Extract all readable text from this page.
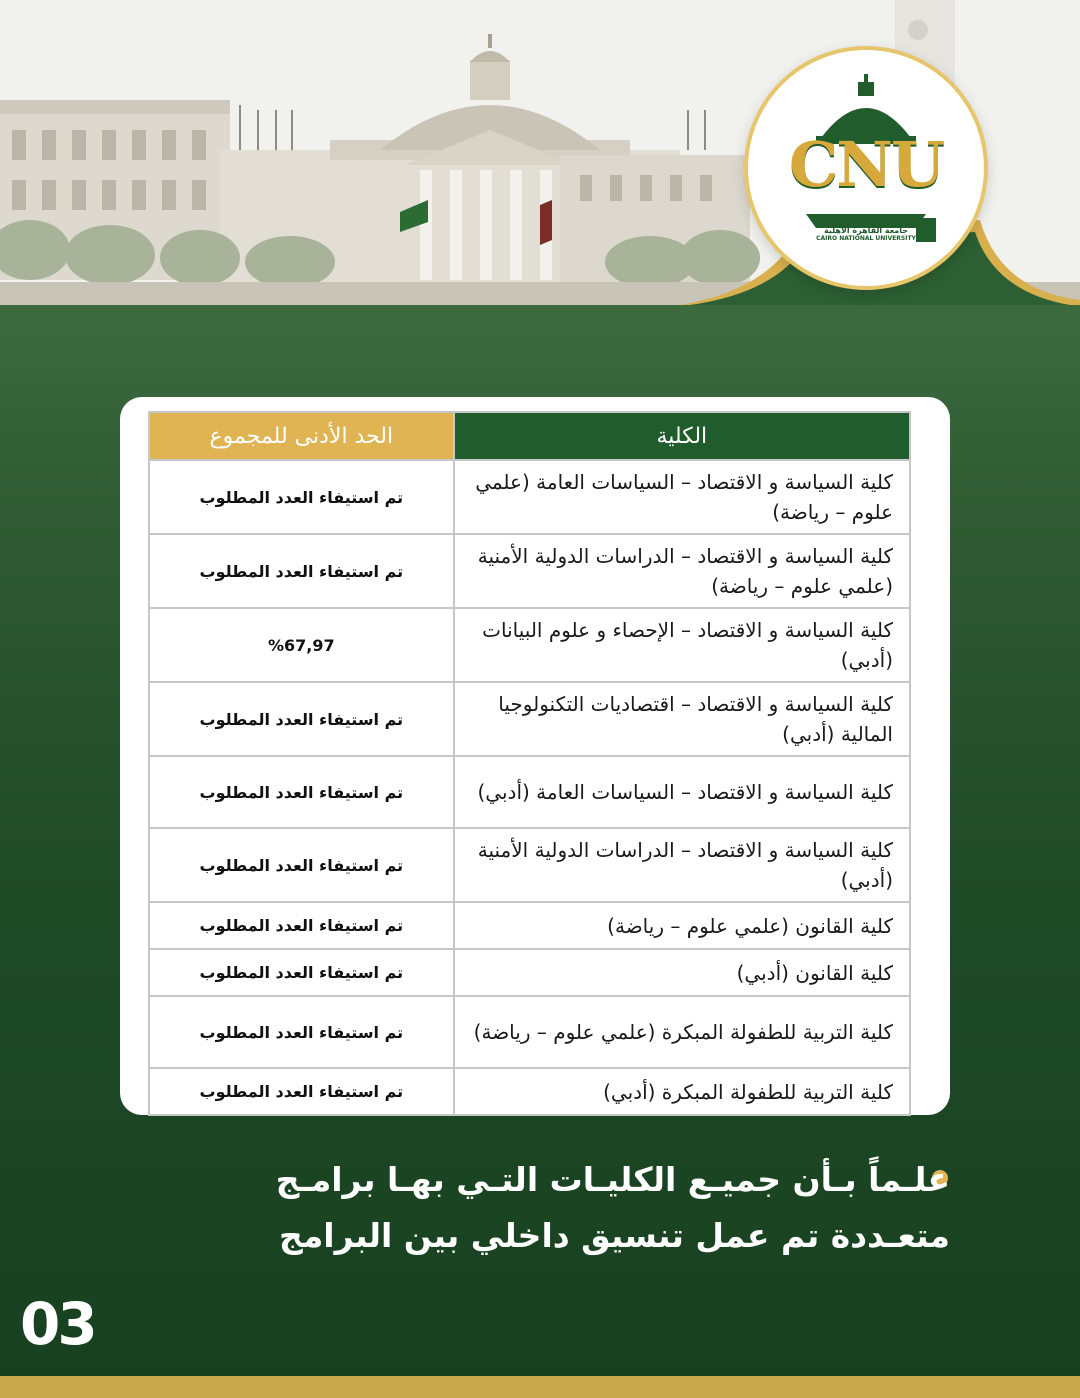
CNU
جامعة القاهرة الأهلية
CAIRO NATIONAL UNIVERSITY
الكلية	الحد الأدنى للمجموع
كلية السياسة و الاقتصاد – السياسات العامة (علمي علوم – رياضة)	تم استيفاء العدد المطلوب
كلية السياسة و الاقتصاد – الدراسات الدولية الأمنية (علمي علوم – رياضة)	تم استيفاء العدد المطلوب
كلية السياسة و الاقتصاد – الإحصاء و علوم البيانات (أدبي)	%67,97
كلية السياسة و الاقتصاد – اقتصاديات التكنولوجيا المالية (أدبي)	تم استيفاء العدد المطلوب
كلية السياسة و الاقتصاد – السياسات العامة (أدبي)	تم استيفاء العدد المطلوب
كلية السياسة و الاقتصاد – الدراسات الدولية الأمنية (أدبي)	تم استيفاء العدد المطلوب
كلية القانون (علمي علوم – رياضة)	تم استيفاء العدد المطلوب
كلية القانون (أدبي)	تم استيفاء العدد المطلوب
كلية التربية للطفولة المبكرة (علمي علوم – رياضة)	تم استيفاء العدد المطلوب
كلية التربية للطفولة المبكرة (أدبي)	تم استيفاء العدد المطلوب
علـماً بـأن جميـع الكليـات التـي بهـا برامـج متعـددة تم عمل تنسيق داخلي بين البرامج
03
